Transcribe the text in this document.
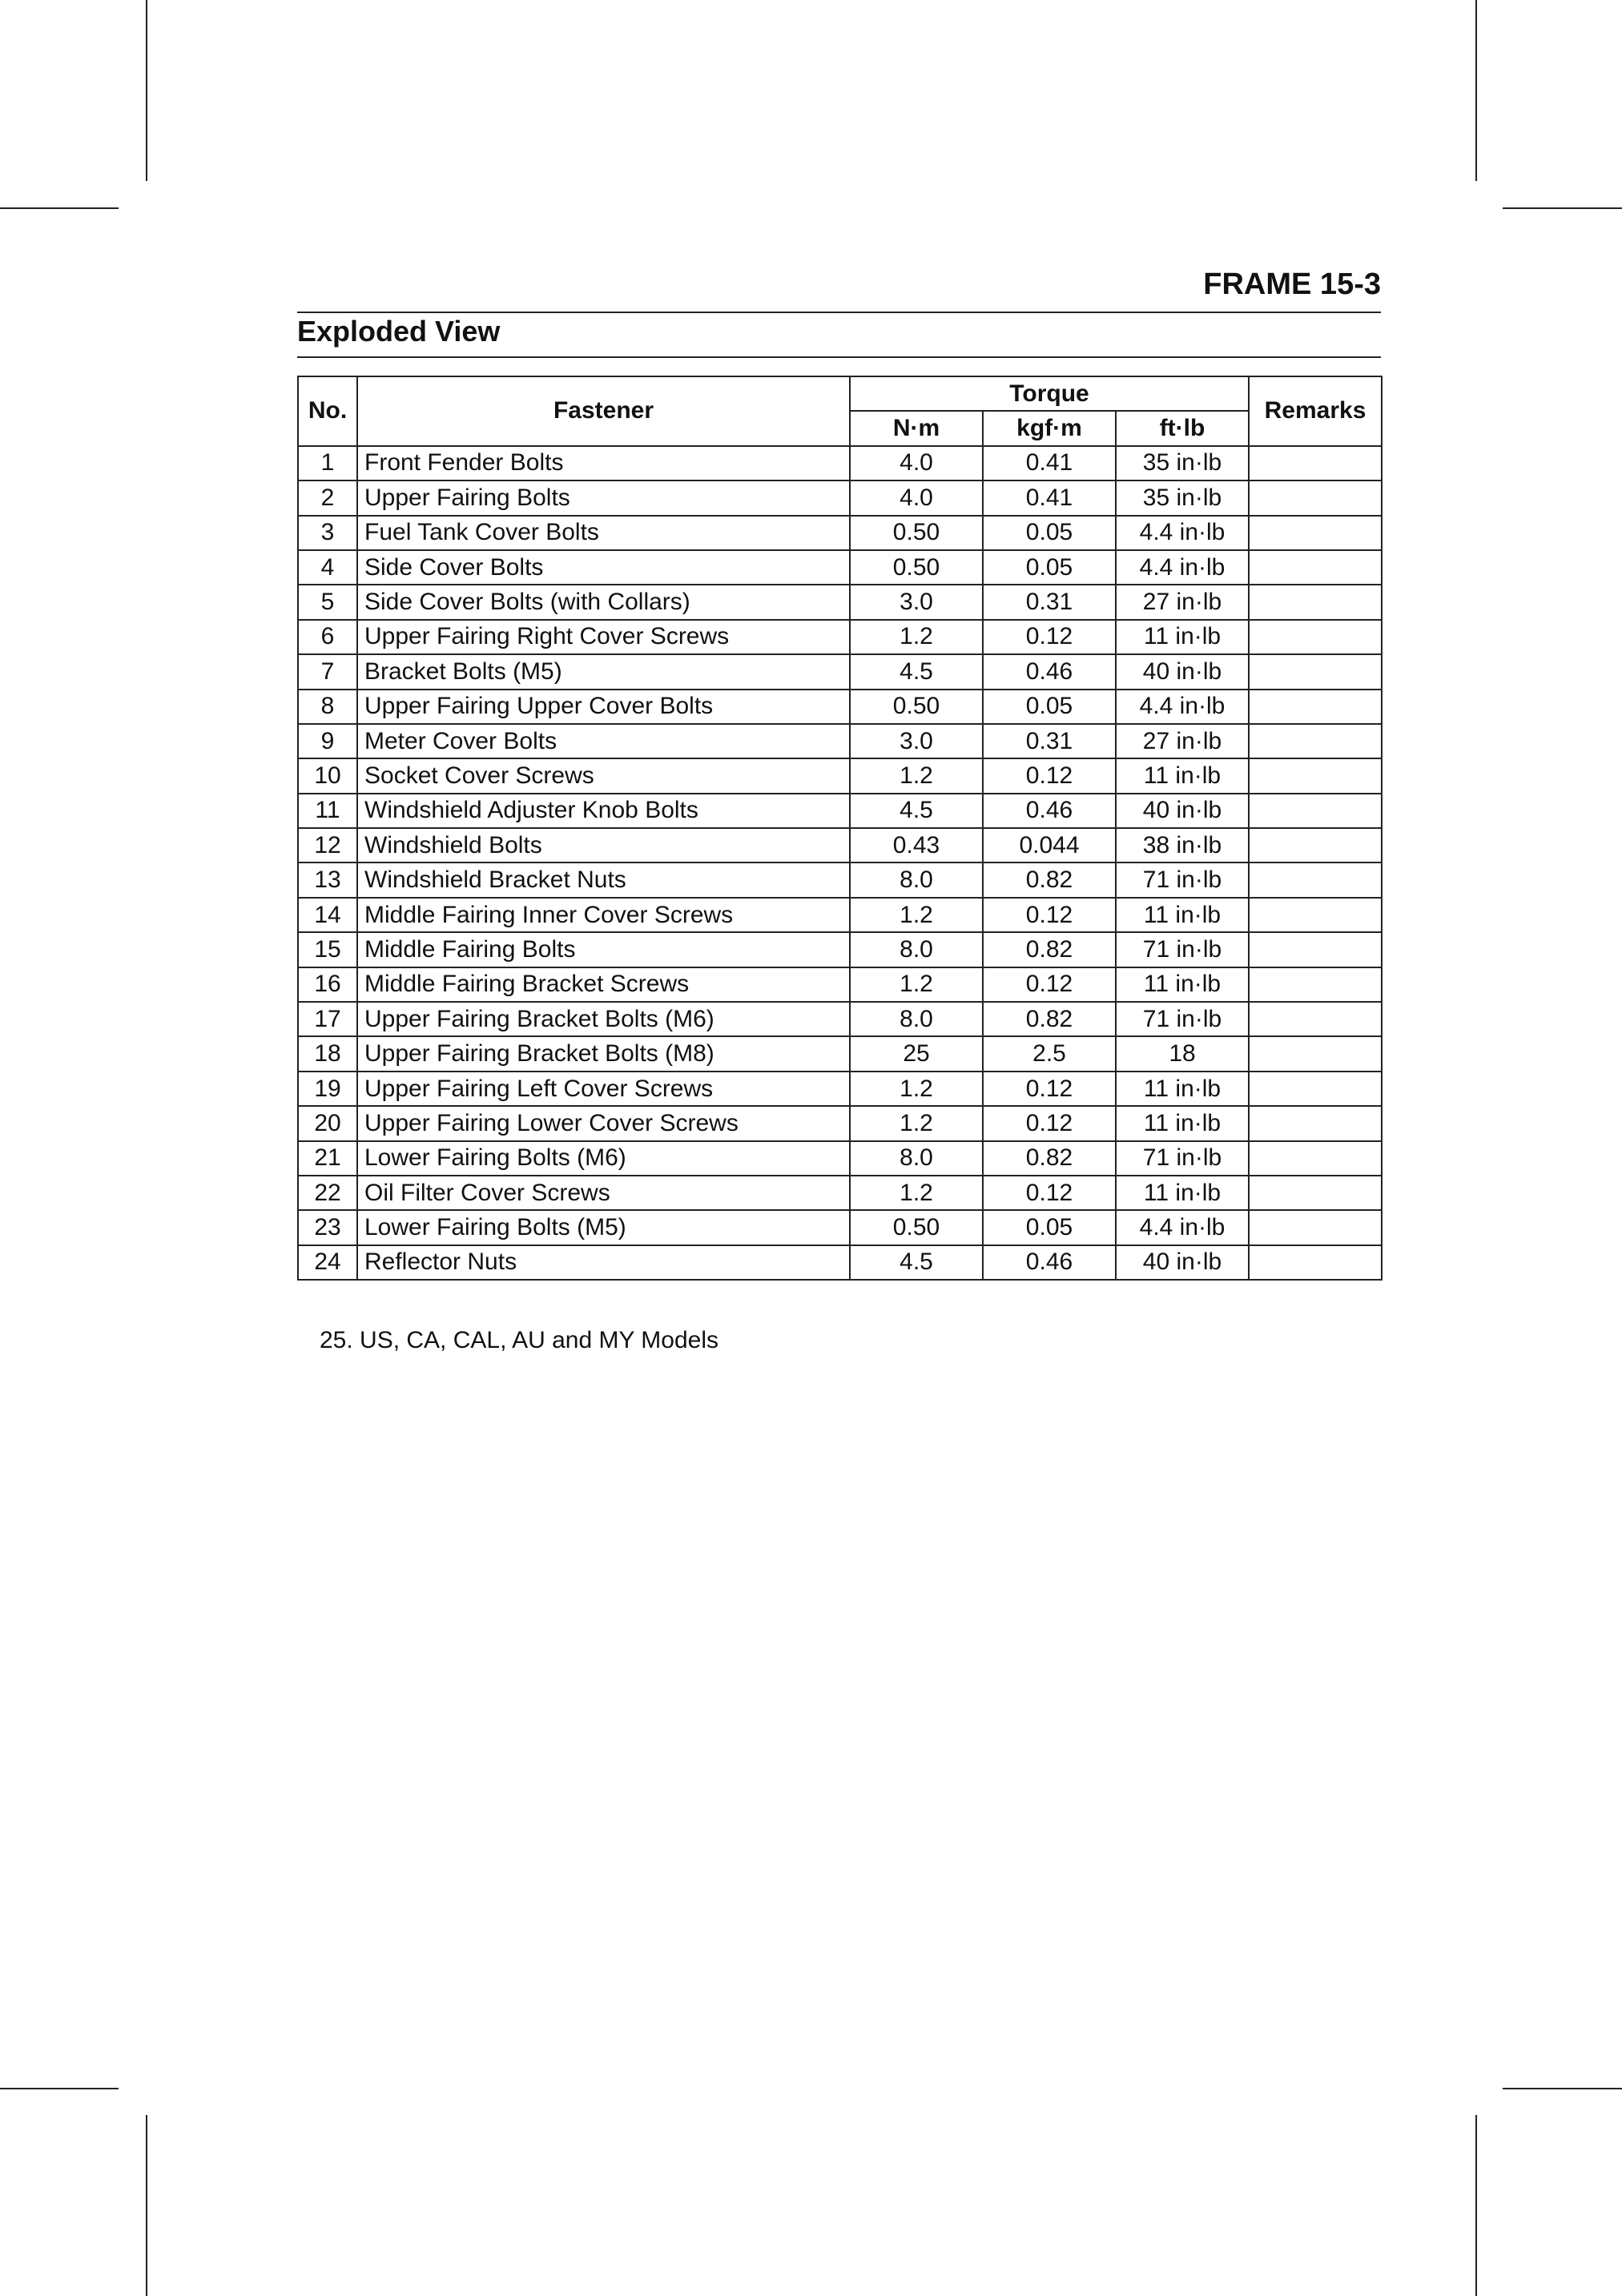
FRAME 15-3
Exploded View
No.	Fastener	Torque			Remarks
		N·m	kgf·m	ft·lb	
1	Front Fender Bolts	4.0	0.41	35 in·lb	
2	Upper Fairing Bolts	4.0	0.41	35 in·lb	
3	Fuel Tank Cover Bolts	0.50	0.05	4.4 in·lb	
4	Side Cover Bolts	0.50	0.05	4.4 in·lb	
5	Side Cover Bolts (with Collars)	3.0	0.31	27 in·lb	
6	Upper Fairing Right Cover Screws	1.2	0.12	11 in·lb	
7	Bracket Bolts (M5)	4.5	0.46	40 in·lb	
8	Upper Fairing Upper Cover Bolts	0.50	0.05	4.4 in·lb	
9	Meter Cover Bolts	3.0	0.31	27 in·lb	
10	Socket Cover Screws	1.2	0.12	11 in·lb	
11	Windshield Adjuster Knob Bolts	4.5	0.46	40 in·lb	
12	Windshield Bolts	0.43	0.044	38 in·lb	
13	Windshield Bracket Nuts	8.0	0.82	71 in·lb	
14	Middle Fairing Inner Cover Screws	1.2	0.12	11 in·lb	
15	Middle Fairing Bolts	8.0	0.82	71 in·lb	
16	Middle Fairing Bracket Screws	1.2	0.12	11 in·lb	
17	Upper Fairing Bracket Bolts (M6)	8.0	0.82	71 in·lb	
18	Upper Fairing Bracket Bolts (M8)	25	2.5	18	
19	Upper Fairing Left Cover Screws	1.2	0.12	11 in·lb	
20	Upper Fairing Lower Cover Screws	1.2	0.12	11 in·lb	
21	Lower Fairing Bolts (M6)	8.0	0.82	71 in·lb	
22	Oil Filter Cover Screws	1.2	0.12	11 in·lb	
23	Lower Fairing Bolts (M5)	0.50	0.05	4.4 in·lb	
24	Reflector Nuts	4.5	0.46	40 in·lb	
25. US, CA, CAL, AU and MY Models
